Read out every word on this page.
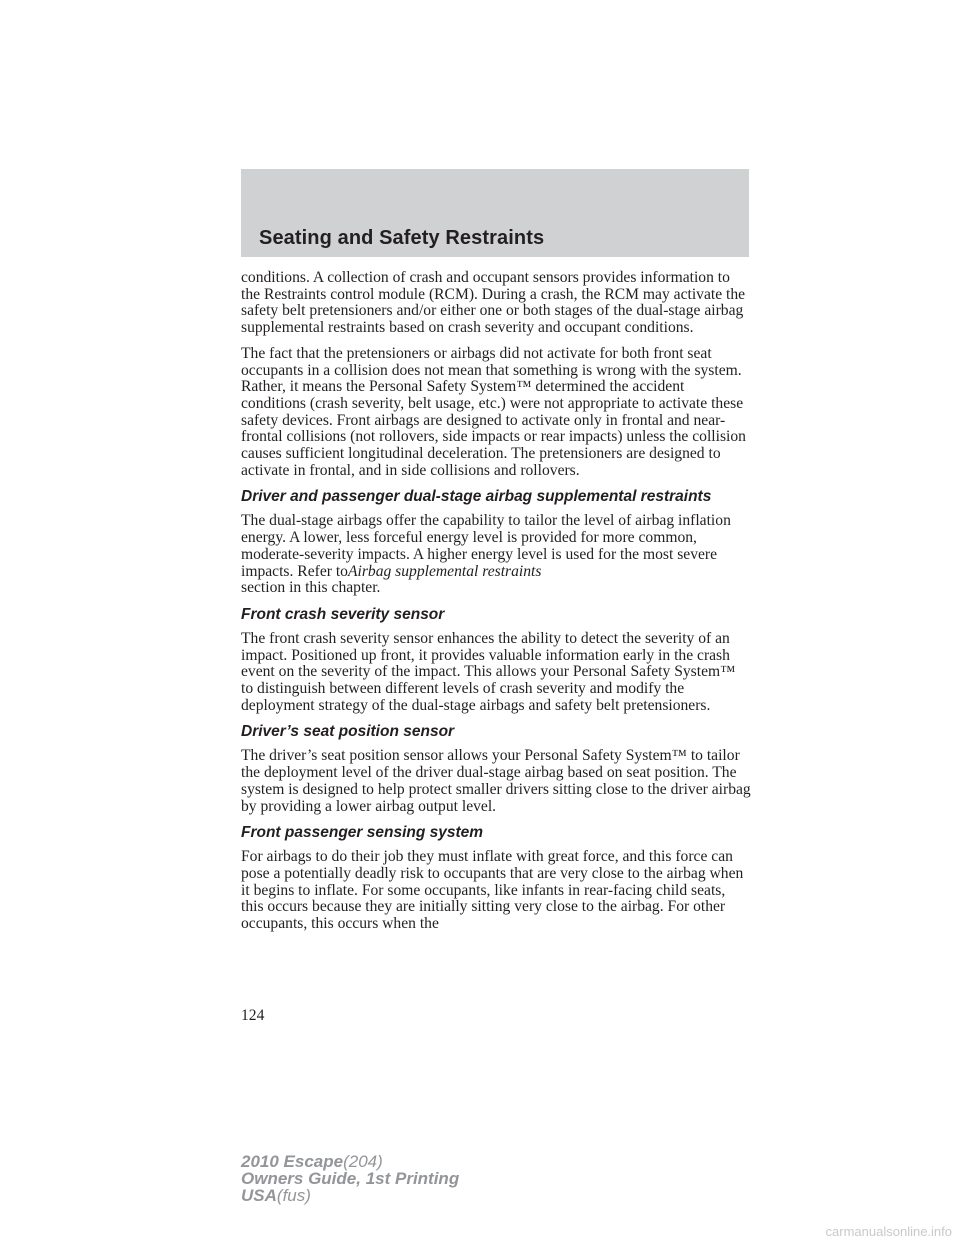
Seating and Safety Restraints

conditions. A collection of crash and occupant sensors provides information to the Restraints control module (RCM). During a crash, the RCM may activate the safety belt pretensioners and/or either one or both stages of the dual-stage airbag supplemental restraints based on crash severity and occupant conditions.

The fact that the pretensioners or airbags did not activate for both front seat occupants in a collision does not mean that something is wrong with the system. Rather, it means the Personal Safety System™ determined the accident conditions (crash severity, belt usage, etc.) were not appropriate to activate these safety devices. Front airbags are designed to activate only in frontal and near-frontal collisions (not rollovers, side impacts or rear impacts) unless the collision causes sufficient longitudinal deceleration. The pretensioners are designed to activate in frontal, and in side collisions and rollovers.

Driver and passenger dual-stage airbag supplemental restraints

The dual-stage airbags offer the capability to tailor the level of airbag inflation energy. A lower, less forceful energy level is provided for more common, moderate-severity impacts. A higher energy level is used for the most severe impacts. Refer toAirbag supplemental restraints
section in this chapter.

Front crash severity sensor

The front crash severity sensor enhances the ability to detect the severity of an impact. Positioned up front, it provides valuable information early in the crash event on the severity of the impact. This allows your Personal Safety System™ to distinguish between different levels of crash severity and modify the deployment strategy of the dual-stage airbags and safety belt pretensioners.

Driver’s seat position sensor

The driver’s seat position sensor allows your Personal Safety System™ to tailor the deployment level of the driver dual-stage airbag based on seat position. The system is designed to help protect smaller drivers sitting close to the driver airbag by providing a lower airbag output level.

Front passenger sensing system

For airbags to do their job they must inflate with great force, and this force can pose a potentially deadly risk to occupants that are very close to the airbag when it begins to inflate. For some occupants, like infants in rear-facing child seats, this occurs because they are initially sitting very close to the airbag. For other occupants, this occurs when the

124
2010 Escape(204)
Owners Guide, 1st Printing
USA(fus)
carmanualsonline.info
